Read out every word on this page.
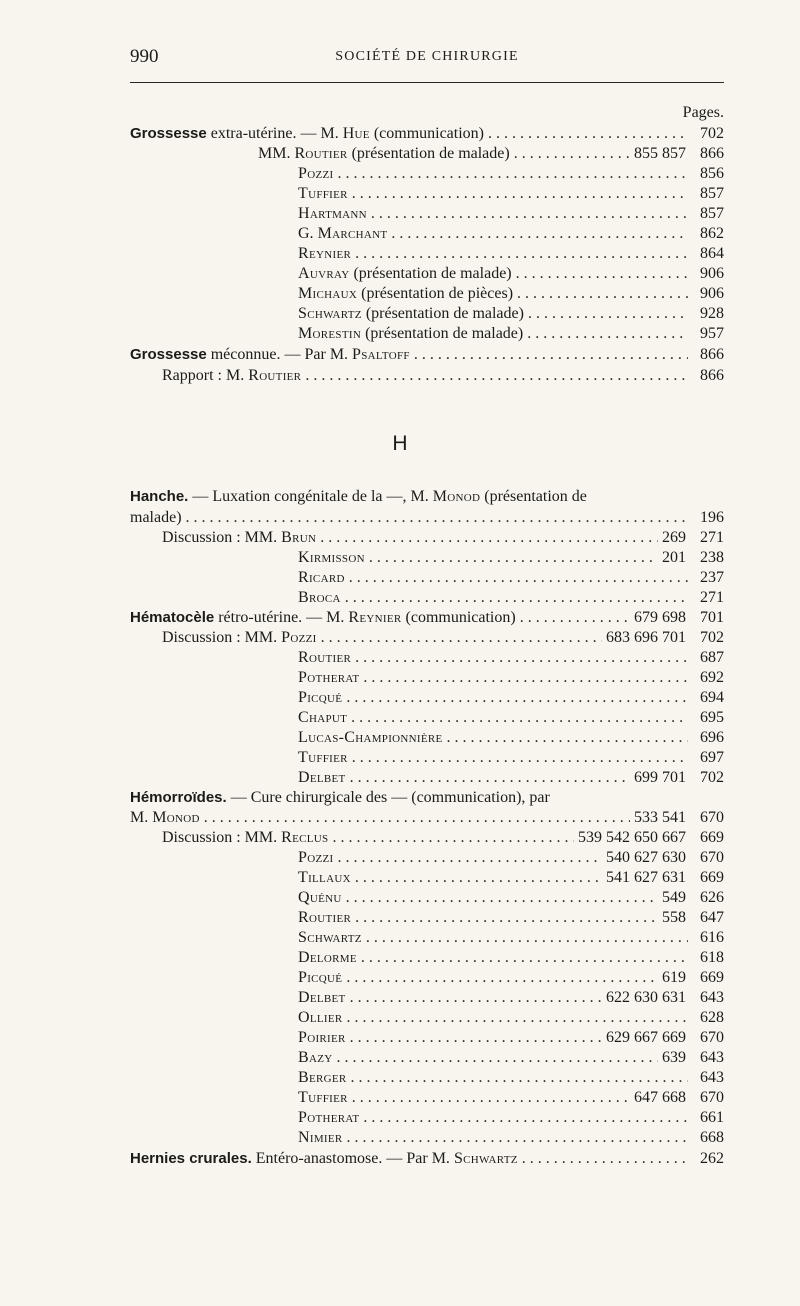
990	SOCIÉTÉ DE CHIRURGIE
Pages.
H
Grossesse extra-utérine. — M. Hue (communication) . . .	702
MM. Routier (présentation de malade) . . .	855 857 866
Pozzi . . .	856
Tuffier . . .	857
Hartmann . . .	857
G. Marchant . . .	862
Reynier . . .	864
Auvray (présentation de malade) . . .	906
Michaux (présentation de pièces) . . .	906
Schwartz (présentation de malade) . . .	928
Morestin (présentation de malade) . . .	957
Grossesse méconnue. — Par M. Psaltoff . . .	866
Rapport : M. Routier . . .	866
Hanche. — Luxation congénitale de la —, M. Monod (présentation de
malade) . . .	196
Discussion : MM. Brun . . .	269 271
Kirmisson . . .	201 238
Ricard . . .	237
Broca . . .	271
Hématocèle rétro-utérine. — M. Reynier (communication) . . .	679 698 701
Discussion : MM. Pozzi . . .	683 696 701 702
Routier . . .	687
Potherat . . .	692
Picqué . . .	694
Chaput . . .	695
Lucas-Championnière . . .	696
Tuffier . . .	697
Delbet . . .	699 701 702
Hémorroïdes. — Cure chirurgicale des — (communication), par
M. Monod . . .	533 541 670
Discussion : MM. Reclus . . .	539 542 650 667 669
Pozzi . . .	540 627 630 670
Tillaux . . .	541 627 631 669
Quénu . . .	549 626
Routier . . .	558 647
Schwartz . . .	616
Delorme . . .	618
Picqué . . .	619 669
Delbet . . .	622 630 631 643
Ollier . . .	628
Poirier . . .	629 667 669 670
Bazy . . .	639 643
Berger . . .	643
Tuffier . . .	647 668 670
Potherat . . .	661
Nimier . . .	668
Hernies crurales. Entéro-anastomose. — Par M. Schwartz . . .	262
